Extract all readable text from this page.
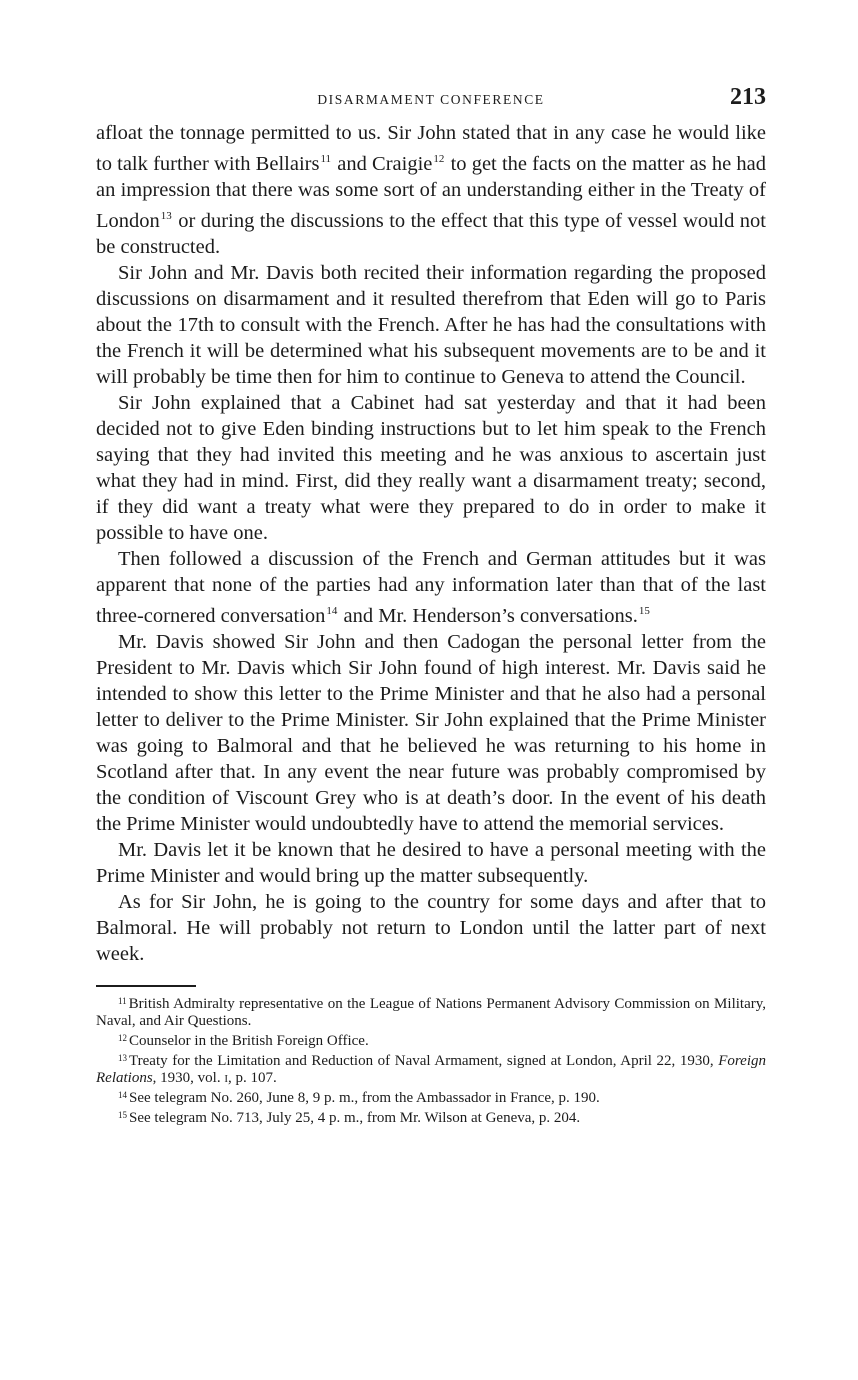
DISARMAMENT CONFERENCE	213

afloat the tonnage permitted to us. Sir John stated that in any case he would like to talk further with Bellairs$^{11}$ and Craigie$^{12}$ to get the facts on the matter as he had an impression that there was some sort of an understanding either in the Treaty of London$^{13}$ or during the discussions to the effect that this type of vessel would not be constructed.

Sir John and Mr. Davis both recited their information regarding the proposed discussions on disarmament and it resulted therefrom that Eden will go to Paris about the 17th to consult with the French. After he has had the consultations with the French it will be determined what his subsequent movements are to be and it will probably be time then for him to continue to Geneva to attend the Council.

Sir John explained that a Cabinet had sat yesterday and that it had been decided not to give Eden binding instructions but to let him speak to the French saying that they had invited this meeting and he was anxious to ascertain just what they had in mind. First, did they really want a disarmament treaty; second, if they did want a treaty what were they prepared to do in order to make it possible to have one.

Then followed a discussion of the French and German attitudes but it was apparent that none of the parties had any information later than that of the last three-cornered conversation$^{14}$ and Mr. Henderson’s conversations.$^{15}$

Mr. Davis showed Sir John and then Cadogan the personal letter from the President to Mr. Davis which Sir John found of high interest. Mr. Davis said he intended to show this letter to the Prime Minister and that he also had a personal letter to deliver to the Prime Minister. Sir John explained that the Prime Minister was going to Balmoral and that he believed he was returning to his home in Scotland after that. In any event the near future was probably compromised by the condition of Viscount Grey who is at death’s door. In the event of his death the Prime Minister would undoubtedly have to attend the memorial services.

Mr. Davis let it be known that he desired to have a personal meeting with the Prime Minister and would bring up the matter subsequently.

As for Sir John, he is going to the country for some days and after that to Balmoral. He will probably not return to London until the latter part of next week.

$^{11}$ British Admiralty representative on the League of Nations Permanent Advisory Commission on Military, Naval, and Air Questions.

$^{12}$ Counselor in the British Foreign Office.

$^{13}$ Treaty for the Limitation and Reduction of Naval Armament, signed at London, April 22, 1930, Foreign Relations, 1930, vol. i, p. 107.

$^{14}$ See telegram No. 260, June 8, 9 p. m., from the Ambassador in France, p. 190.

$^{15}$ See telegram No. 713, July 25, 4 p. m., from Mr. Wilson at Geneva, p. 204.
